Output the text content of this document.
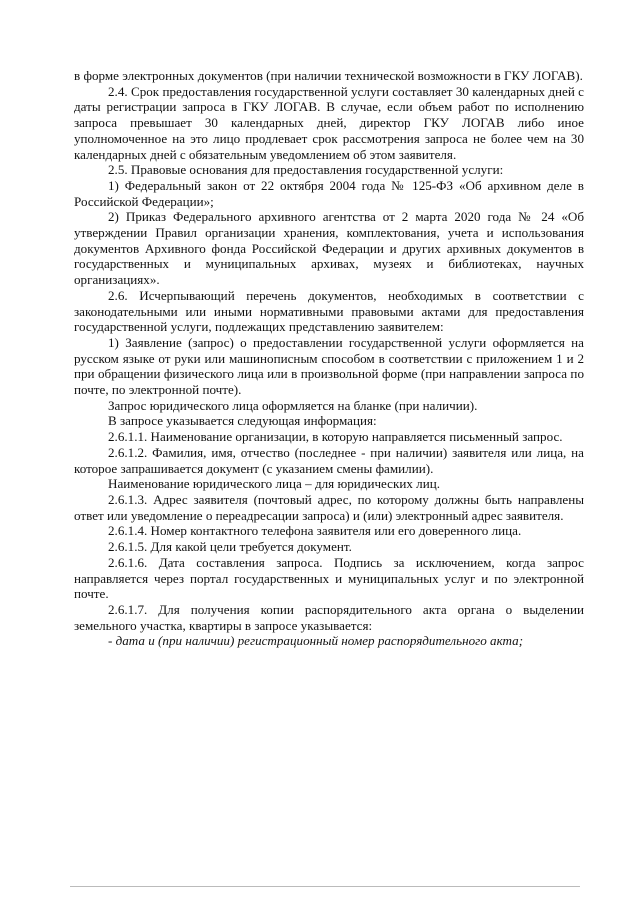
в форме электронных документов (при наличии технической возможности в ГКУ ЛОГАВ).

2.4. Срок предоставления государственной услуги составляет 30 календарных дней с даты регистрации запроса в ГКУ ЛОГАВ. В случае, если объем работ по исполнению запроса превышает 30 календарных дней, директор ГКУ ЛОГАВ либо иное уполномоченное на это лицо продлевает срок рассмотрения запроса не более чем на 30 календарных дней с обязательным уведомлением об этом заявителя.

2.5. Правовые основания для предоставления государственной услуги:

1) Федеральный закон от 22 октября 2004 года № 125-ФЗ «Об архивном деле в Российской Федерации»;

2) Приказ Федерального архивного агентства от 2 марта 2020 года № 24 «Об утверждении Правил организации хранения, комплектования, учета и использования документов Архивного фонда Российской Федерации и других архивных документов в государственных и муниципальных архивах, музеях и библиотеках, научных организациях».

2.6. Исчерпывающий перечень документов, необходимых в соответствии с законодательными или иными нормативными правовыми актами для предоставления государственной услуги, подлежащих представлению заявителем:

1) Заявление (запрос) о предоставлении государственной услуги оформляется на русском языке от руки или машинописным способом в соответствии с приложением 1 и 2 при обращении физического лица или в произвольной форме (при направлении запроса по почте, по электронной почте).

Запрос юридического лица оформляется на бланке (при наличии).

В запросе указывается следующая информация:

2.6.1.1. Наименование организации, в которую направляется письменный запрос.

2.6.1.2. Фамилия, имя, отчество (последнее - при наличии) заявителя или лица, на которое запрашивается документ (с указанием смены фамилии).

Наименование юридического лица – для юридических лиц.

2.6.1.3. Адрес заявителя (почтовый адрес, по которому должны быть направлены ответ или уведомление о переадресации запроса) и (или) электронный адрес заявителя.

2.6.1.4. Номер контактного телефона заявителя или его доверенного лица.

2.6.1.5. Для какой цели требуется документ.

2.6.1.6. Дата составления запроса. Подпись за исключением, когда запрос направляется через портал государственных и муниципальных услуг и по электронной почте.

2.6.1.7. Для получения копии распорядительного акта органа о выделении земельного участка, квартиры в запросе указывается:

- дата и (при наличии) регистрационный номер распорядительного акта;
